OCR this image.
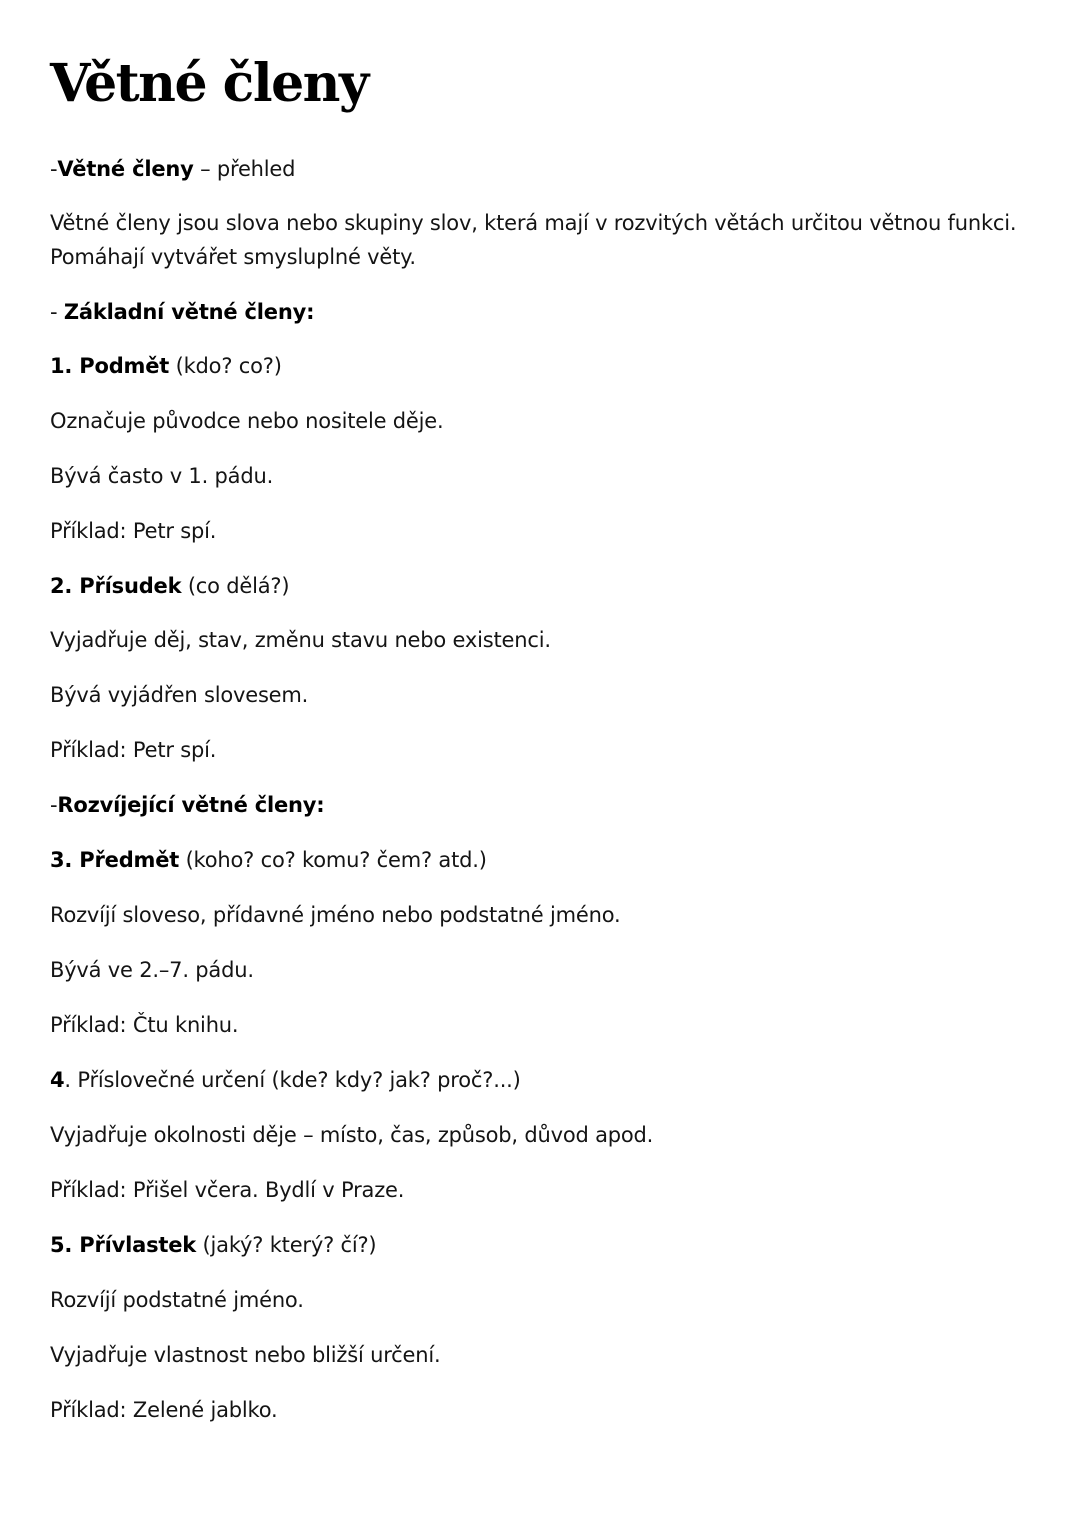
Větné členy

-Větné členy – přehled

Větné členy jsou slova nebo skupiny slov, která mají v rozvitých větách určitou větnou funkci.

Pomáhají vytvářet smysluplné věty.

- Základní větné členy:

1. Podmět (kdo? co?)

Označuje původce nebo nositele děje.

Bývá často v 1. pádu.

Příklad: Petr spí.

2. Přísudek (co dělá?)

Vyjadřuje děj, stav, změnu stavu nebo existenci.

Bývá vyjádřen slovesem.

Příklad: Petr spí.

-Rozvíjející větné členy:

3. Předmět (koho? co? komu? čem? atd.)

Rozvíjí sloveso, přídavné jméno nebo podstatné jméno.

Bývá ve 2.–7. pádu.

Příklad: Čtu knihu.

4. Příslovečné určení (kde? kdy? jak? proč?...)

Vyjadřuje okolnosti děje – místo, čas, způsob, důvod apod.

Příklad: Přišel včera. Bydlí v Praze.

5. Přívlastek (jaký? který? čí?)

Rozvíjí podstatné jméno.

Vyjadřuje vlastnost nebo bližší určení.

Příklad: Zelené jablko.
